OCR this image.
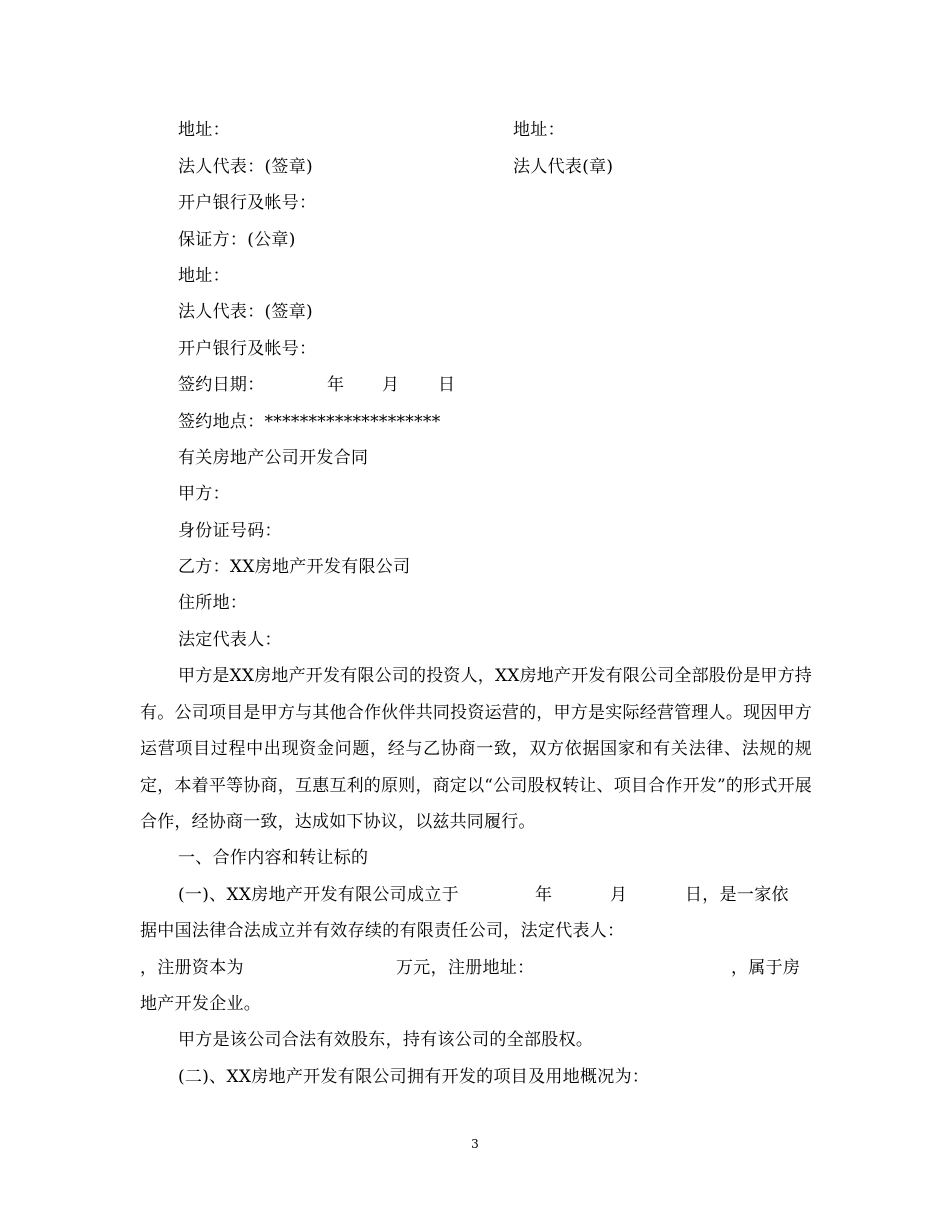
地址：	地址：
法人代表：(签章)	法人代表(章)
开户银行及帐号：
保证方：(公章)
地址：
法人代表：(签章)
开户银行及帐号：
签约日期：	年 月 日
签约地点：********************
有关房地产公司开发合同
甲方：
身份证号码：
乙方：XX房地产开发有限公司
住所地：
法定代表人：
甲方是XX房地产开发有限公司的投资人，XX房地产开发有限公司全部股份是甲方持有。公司项目是甲方与其他合作伙伴共同投资运营的，甲方是实际经营管理人。现因甲方运营项目过程中出现资金问题，经与乙协商一致，双方依据国家和有关法律、法规的规定，本着平等协商，互惠互利的原则，商定以“公司股权转让、项目合作开发”的形式开展合作，经协商一致，达成如下协议，以兹共同履行。
一、合作内容和转让标的
(一)、XX房地产开发有限公司成立于	年	月	日，是一家依
据中国法律合法成立并有效存续的有限责任公司，法定代表人：
，注册资本为	万元，注册地址：	，属于房
地产开发企业。
甲方是该公司合法有效股东，持有该公司的全部股权。
(二)、XX房地产开发有限公司拥有开发的项目及用地概况为：
3
